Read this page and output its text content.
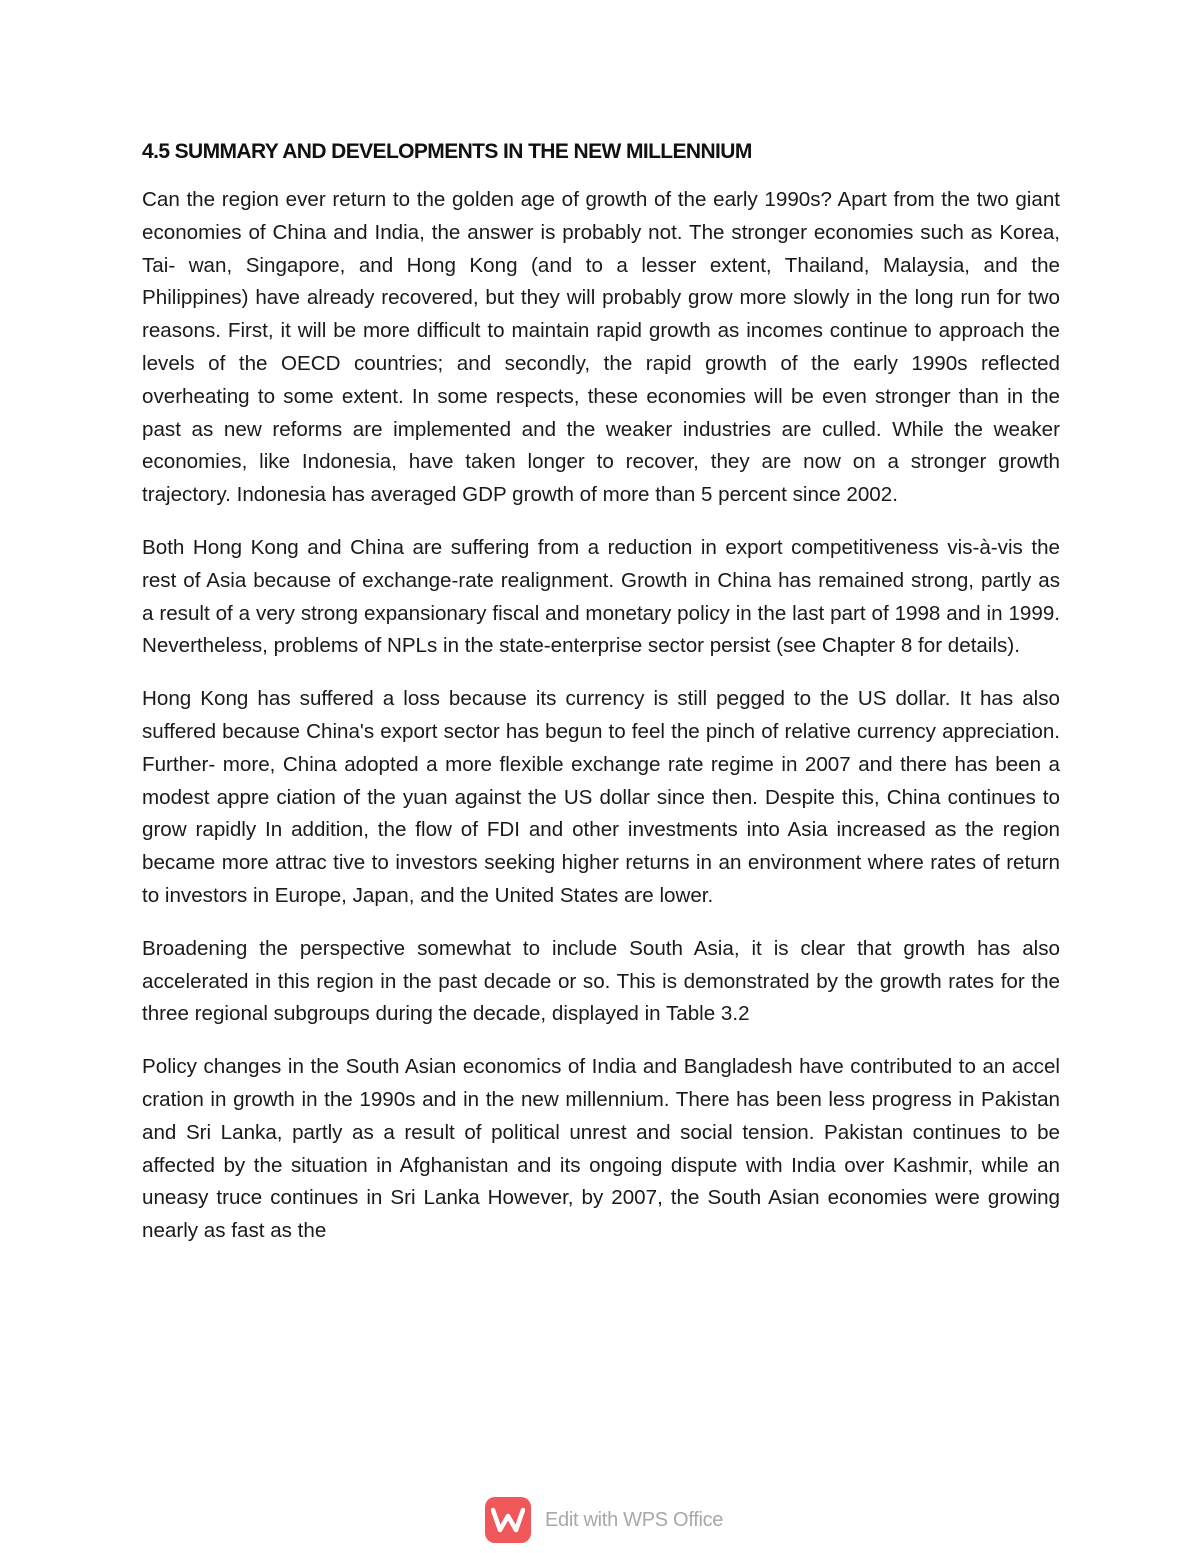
4.5 SUMMARY AND DEVELOPMENTS IN THE NEW MILLENNIUM

Can the region ever return to the golden age of growth of the early 1990s? Apart from the two giant economies of China and India, the answer is probably not. The stronger economies such as Korea, Tai- wan, Singapore, and Hong Kong (and to a lesser extent, Thailand, Malaysia, and the Philippines) have already recovered, but they will probably grow more slowly in the long run for two reasons. First, it will be more difficult to maintain rapid growth as incomes continue to approach the levels of the OECD countries; and secondly, the rapid growth of the early 1990s reflected overheating to some extent. In some respects, these economies will be even stronger than in the past as new reforms are implemented and the weaker industries are culled. While the weaker economies, like Indonesia, have taken longer to recover, they are now on a stronger growth trajectory. Indonesia has averaged GDP growth of more than 5 percent since 2002.

Both Hong Kong and China are suffering from a reduction in export competitiveness vis-à-vis the rest of Asia because of exchange-rate realignment. Growth in China has remained strong, partly as a result of a very strong expansionary fiscal and monetary policy in the last part of 1998 and in 1999. Nevertheless, problems of NPLs in the state-enterprise sector persist (see Chapter 8 for details).

Hong Kong has suffered a loss because its currency is still pegged to the US dollar. It has also suffered because China's export sector has begun to feel the pinch of relative currency appreciation. Further- more, China adopted a more flexible exchange rate regime in 2007 and there has been a modest appre ciation of the yuan against the US dollar since then. Despite this, China continues to grow rapidly In addition, the flow of FDI and other investments into Asia increased as the region became more attrac tive to investors seeking higher returns in an environment where rates of return to investors in Europe, Japan, and the United States are lower.

Broadening the perspective somewhat to include South Asia, it is clear that growth has also accelerated in this region in the past decade or so. This is demonstrated by the growth rates for the three regional subgroups during the decade, displayed in Table 3.2

Policy changes in the South Asian economics of India and Bangladesh have contributed to an accel cration in growth in the 1990s and in the new millennium. There has been less progress in Pakistan and Sri Lanka, partly as a result of political unrest and social tension. Pakistan continues to be affected by the situation in Afghanistan and its ongoing dispute with India over Kashmir, while an uneasy truce continues in Sri Lanka However, by 2007, the South Asian economies were growing nearly as fast as the

Edit with WPS Office
